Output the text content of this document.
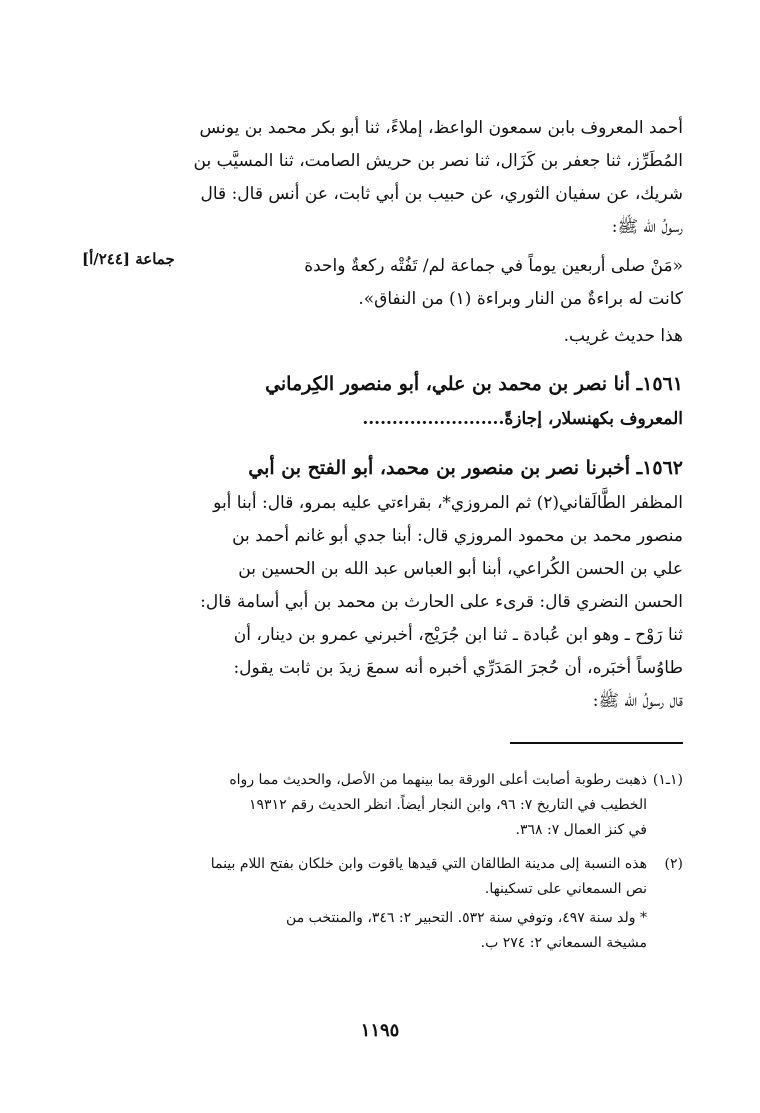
أحمد المعروف بابن سمعون الواعظ، إملاءً، ثنا أبو بكر محمد بن يونس

المُطَرِّز، ثنا جعفر بن كَزَال، ثنا نصر بن حريش الصامت، ثنا المسيَّب بن

شريك، عن سفيان الثوري، عن حبيب بن أبي ثابت، عن أنس قال: قال

رسولُ الله ﷺ:

جماعة [٢٤٤/أ]	«مَنْ صلى أربعين يوماً في جماعة لم/ تَفُتْه ركعةٌ واحدة

كانت له براءةٌ من النار وبراءة (١) من النفاق».

هذا حديث غريب.

١٥٦١ـ أنا نصر بن محمد بن علي، أبو منصور الكِرماني

المعروف بكهنسلار، إجازةً........................

١٥٦٢ـ أخبرنا نصر بن منصور بن محمد، أبو الفتح بن أبي

المظفر الطَّالَقاني(٢) ثم المروزي*، بقراءتي عليه بمرو، قال: أبنا أبو

منصور محمد بن محمود المروزي قال: أبنا جدي أبو غانم أحمد بن

علي بن الحسن الكُراعي، أبنا أبو العباس عبد الله بن الحسين بن

الحسن النضري قال: قرىء على الحارث بن محمد بن أبي أسامة قال:

ثنا رَوْح ـ وهو ابن عُبادة ـ ثنا ابن جُرَيْج، أخبرني عمرو بن دينار، أن

طاوُساً أخبَره، أن حُجرَ المَدَرِّي أخبره أنه سمعَ زيدَ بن ثابت يقول:

قال رسولُ الله ﷺ:

(١ـ١)
ذهبت رطوبة أصابت أعلى الورقة بما بينهما من الأصل، والحديث مما رواه
الخطيب في التاريخ ٧: ٩٦، وابن النجار أيضاً. انظر الحديث رقم ١٩٣١٢
في كنز العمال ٧: ٣٦٨.
(٢)
هذه النسبة إلى مدينة الطالقان التي قيدها ياقوت وابن خلكان بفتح اللام بينما
نص السمعاني على تسكينها.
* ولد سنة ٤٩٧، وتوفي سنة ٥٣٢. التحبير ٢: ٣٤٦، والمنتخب من
مشيخة السمعاني ٢: ٢٧٤ ب.
١١٩٥
